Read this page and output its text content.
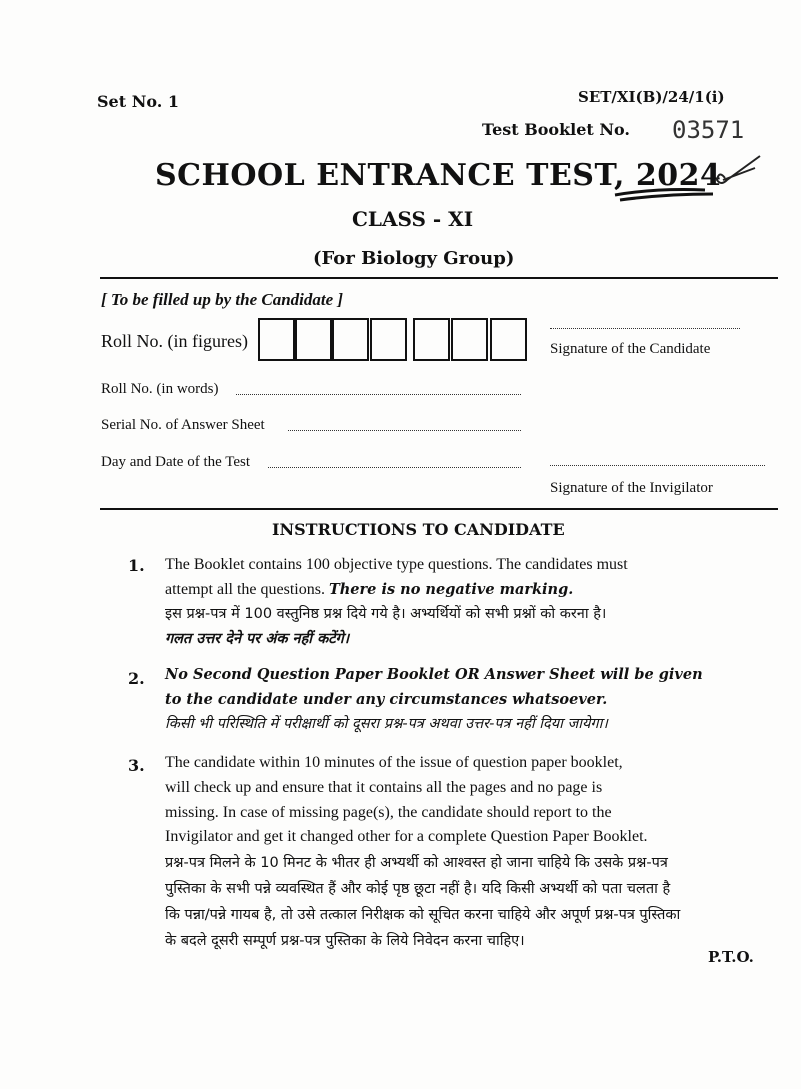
Set No. 1	SET/XI(B)/24/1(i)
Test Booklet No. 03571
SCHOOL ENTRANCE TEST, 2024
CLASS - XI
(For Biology Group)
[ To be filled up by the Candidate ]
Roll No. (in figures)	Signature of the Candidate
Roll No. (in words)
Serial No. of Answer Sheet
Day and Date of the Test
Signature of the Invigilator
INSTRUCTIONS TO CANDIDATE
1. The Booklet contains 100 objective type questions. The candidates must
attempt all the questions. There is no negative marking.
इस प्रश्न-पत्र में 100 वस्तुनिष्ठ प्रश्न दिये गये है। अभ्यर्थियों को सभी प्रश्नों को करना है।
गलत उत्तर देने पर अंक नहीं कटेंगे।
2. No Second Question Paper Booklet OR Answer Sheet will be given
to the candidate under any circumstances whatsoever.
किसी भी परिस्थिति में परीक्षार्थी को दूसरा प्रश्न-पत्र अथवा उत्तर-पत्र नहीं दिया जायेगा।
3. The candidate within 10 minutes of the issue of question paper booklet,
will check up and ensure that it contains all the pages and no page is
missing. In case of missing page(s), the candidate should report to the
Invigilator and get it changed other for a complete Question Paper Booklet.
प्रश्न-पत्र मिलने के 10 मिनट के भीतर ही अभ्यर्थी को आश्वस्त हो जाना चाहिये कि उसके प्रश्न-पत्र
पुस्तिका के सभी पन्ने व्यवस्थित हैं और कोई पृष्ठ छूटा नहीं है। यदि किसी अभ्यर्थी को पता चलता है
कि पन्ना/पन्ने गायब है, तो उसे तत्काल निरीक्षक को सूचित करना चाहिये और अपूर्ण प्रश्न-पत्र पुस्तिका
के बदले दूसरी सम्पूर्ण प्रश्न-पत्र पुस्तिका के लिये निवेदन करना चाहिए।
P.T.O.
